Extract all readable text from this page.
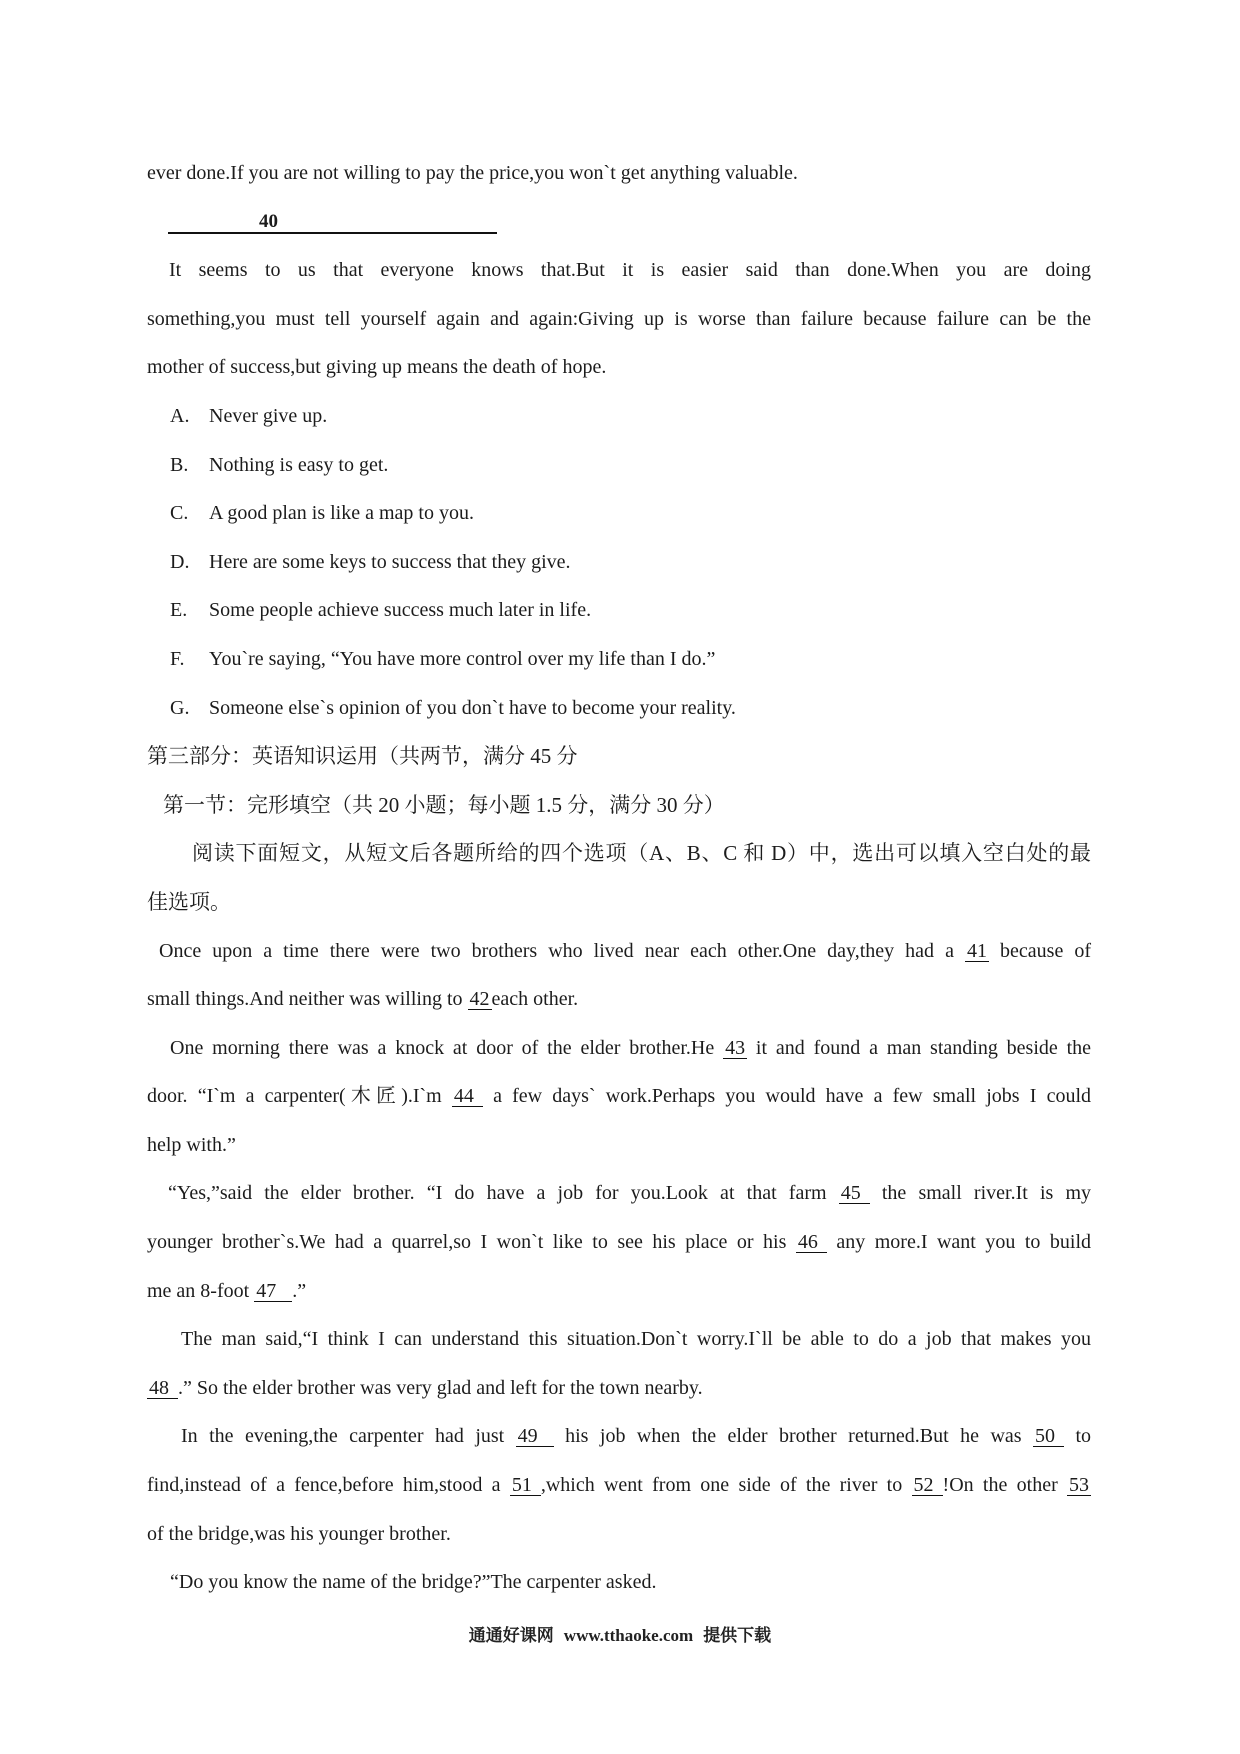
ever done.If you are not willing to pay the price,you won`t get anything valuable.
40
It seems to us that everyone knows that.But it is easier said than done.When you are doing
something,you must tell yourself again and again:Giving up is worse than failure because failure can be the
mother of success,but giving up means the death of hope.
A. Never give up.
B. Nothing is easy to get.
C. A good plan is like a map to you.
D. Here are some keys to success that they give.
E. Some people achieve success much later in life.
F. You`re saying, “You have more control over my life than I do.”
G. Someone else`s opinion of you don`t have to become your reality.
第三部分：英语知识运用（共两节，满分 45 分
第一节：完形填空（共 20 小题；每小题 1.5 分，满分 30 分）
阅读下面短文，从短文后各题所给的四个选项（A、B、C 和 D）中，选出可以填入空白处的最
佳选项。
Once upon a time there were two brothers who lived near each other.One day,they had a 41 because of
small things.And neither was willing to 42 each other.
One morning there was a knock at door of the elder brother.He 43 it and found a man standing beside the
door. “I`m a carpenter(木匠).I`m 44 a few days` work.Perhaps you would have a few small jobs I could
help with.”
“Yes,”said the elder brother. “I do have a job for you.Look at that farm 45 the small river.It is my
younger brother`s.We had a quarrel,so I won`t like to see his place or his 46 any more.I want you to build
me an 8-foot 47 .”
The man said,“I think I can understand this situation.Don`t worry.I`ll be able to do a job that makes you
48 .” So the elder brother was very glad and left for the town nearby.
In the evening,the carpenter had just 49 his job when the elder brother returned.But he was 50 to
find,instead of a fence,before him,stood a 51 ,which went from one side of the river to 52 !On the other 53
of the bridge,was his younger brother.
“Do you know the name of the bridge?”The carpenter asked.
通通好课网 www.tthaoke.com 提供下载
